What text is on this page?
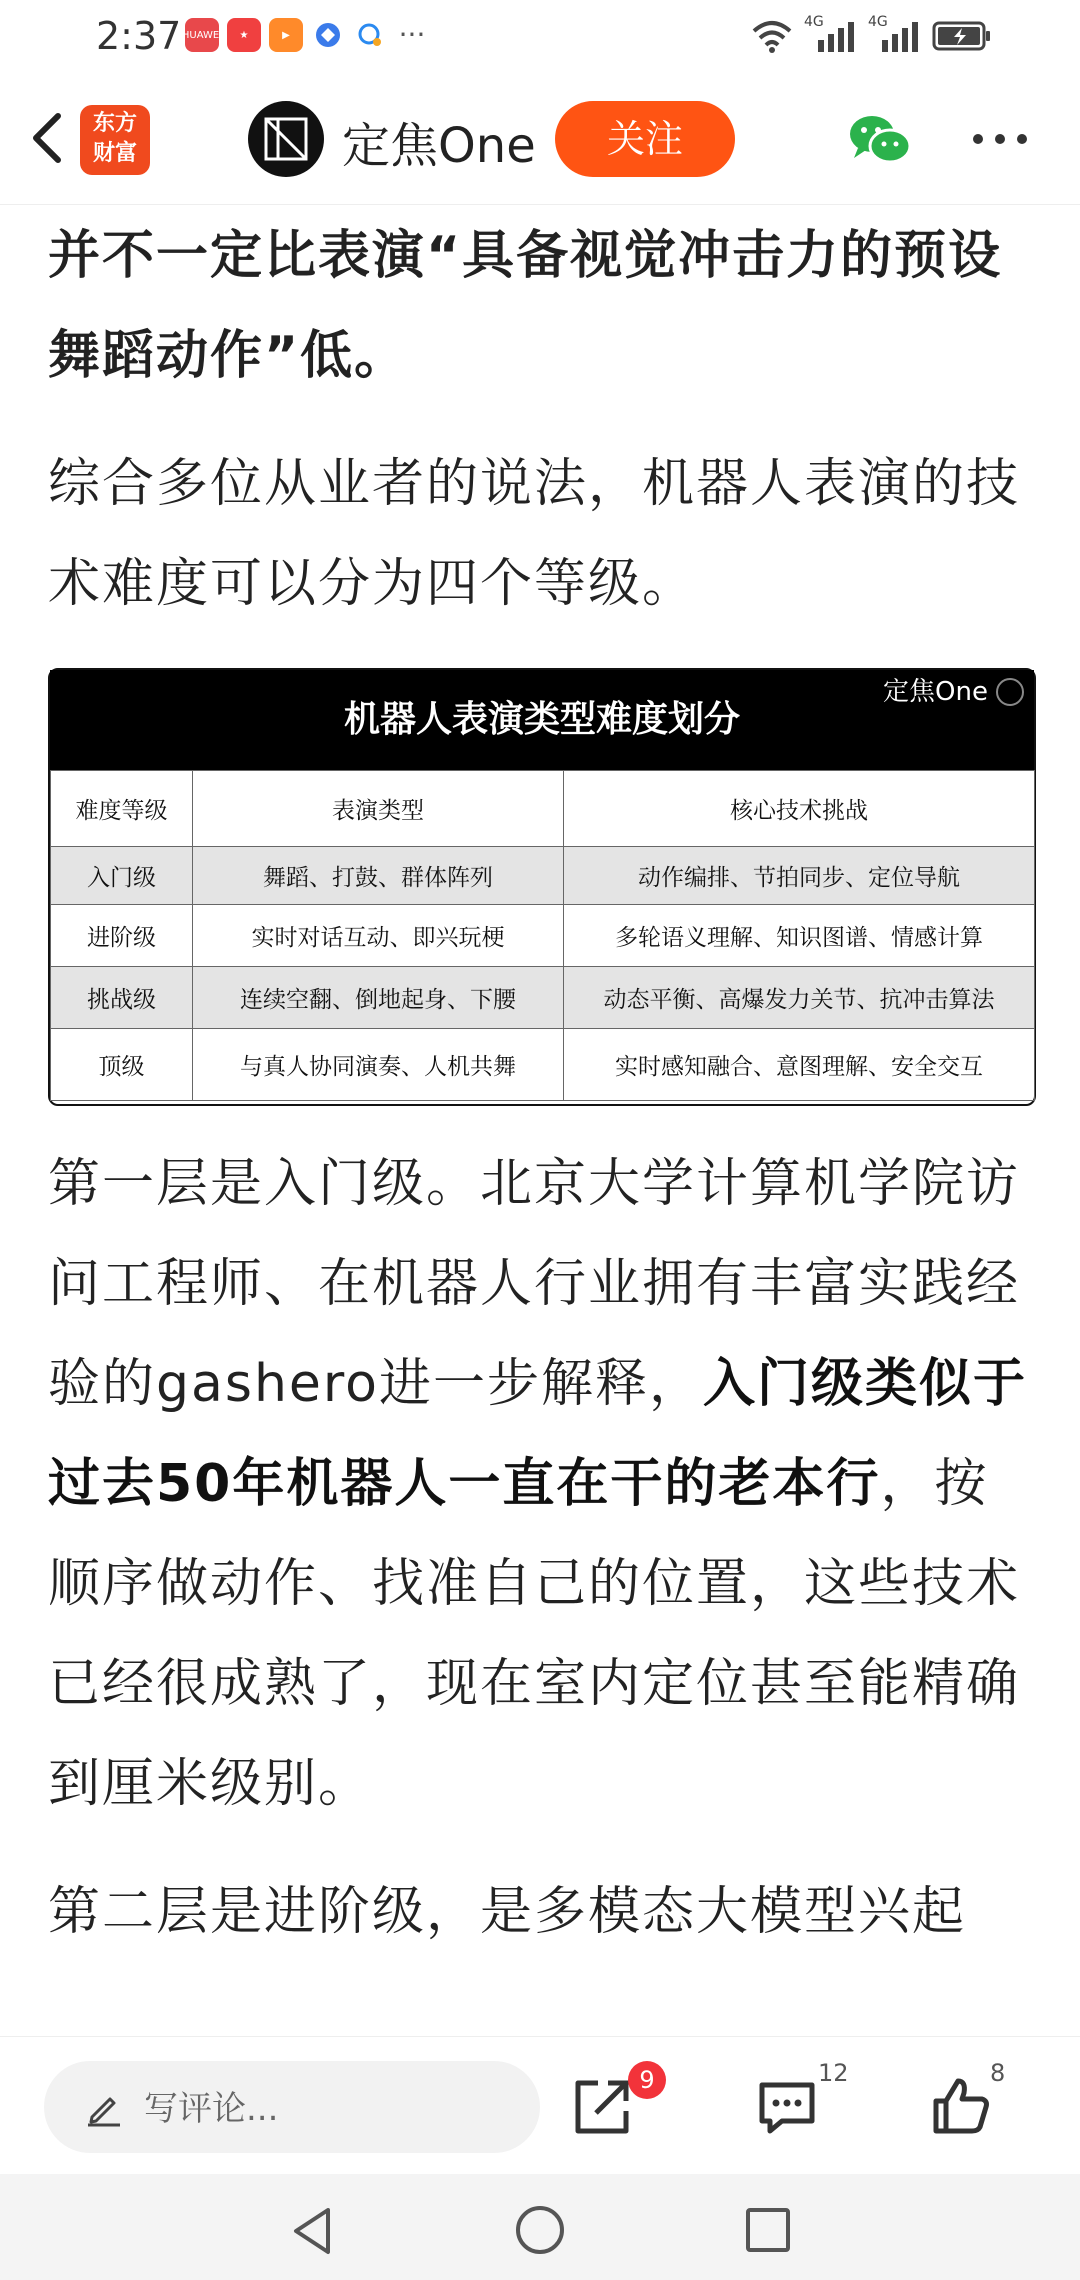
2:37 HUAWEI	★	▶	···	4G	4G
东方
财富	定焦One	关注

并不一定比表演“具备视觉冲击力的预设舞蹈动作”低。

综合多位从业者的说法，机器人表演的技术难度可以分为四个等级。

机器人表演类型难度划分
定焦One
难度等级	表演类型	核心技术挑战
入门级	舞蹈、打鼓、群体阵列	动作编排、节拍同步、定位导航
进阶级	实时对话互动、即兴玩梗	多轮语义理解、知识图谱、情感计算
挑战级	连续空翻、倒地起身、下腰	动态平衡、高爆发力关节、抗冲击算法
顶级	与真人协同演奏、人机共舞	实时感知融合、意图理解、安全交互

第一层是入门级。北京大学计算机学院访问工程师、在机器人行业拥有丰富实践经验的gashero进一步解释，入门级类似于过去50年机器人一直在干的老本行，按顺序做动作、找准自己的位置，这些技术已经很成熟了，现在室内定位甚至能精确到厘米级别。

第二层是进阶级，是多模态大模型兴起

写评论...
9	12	8
